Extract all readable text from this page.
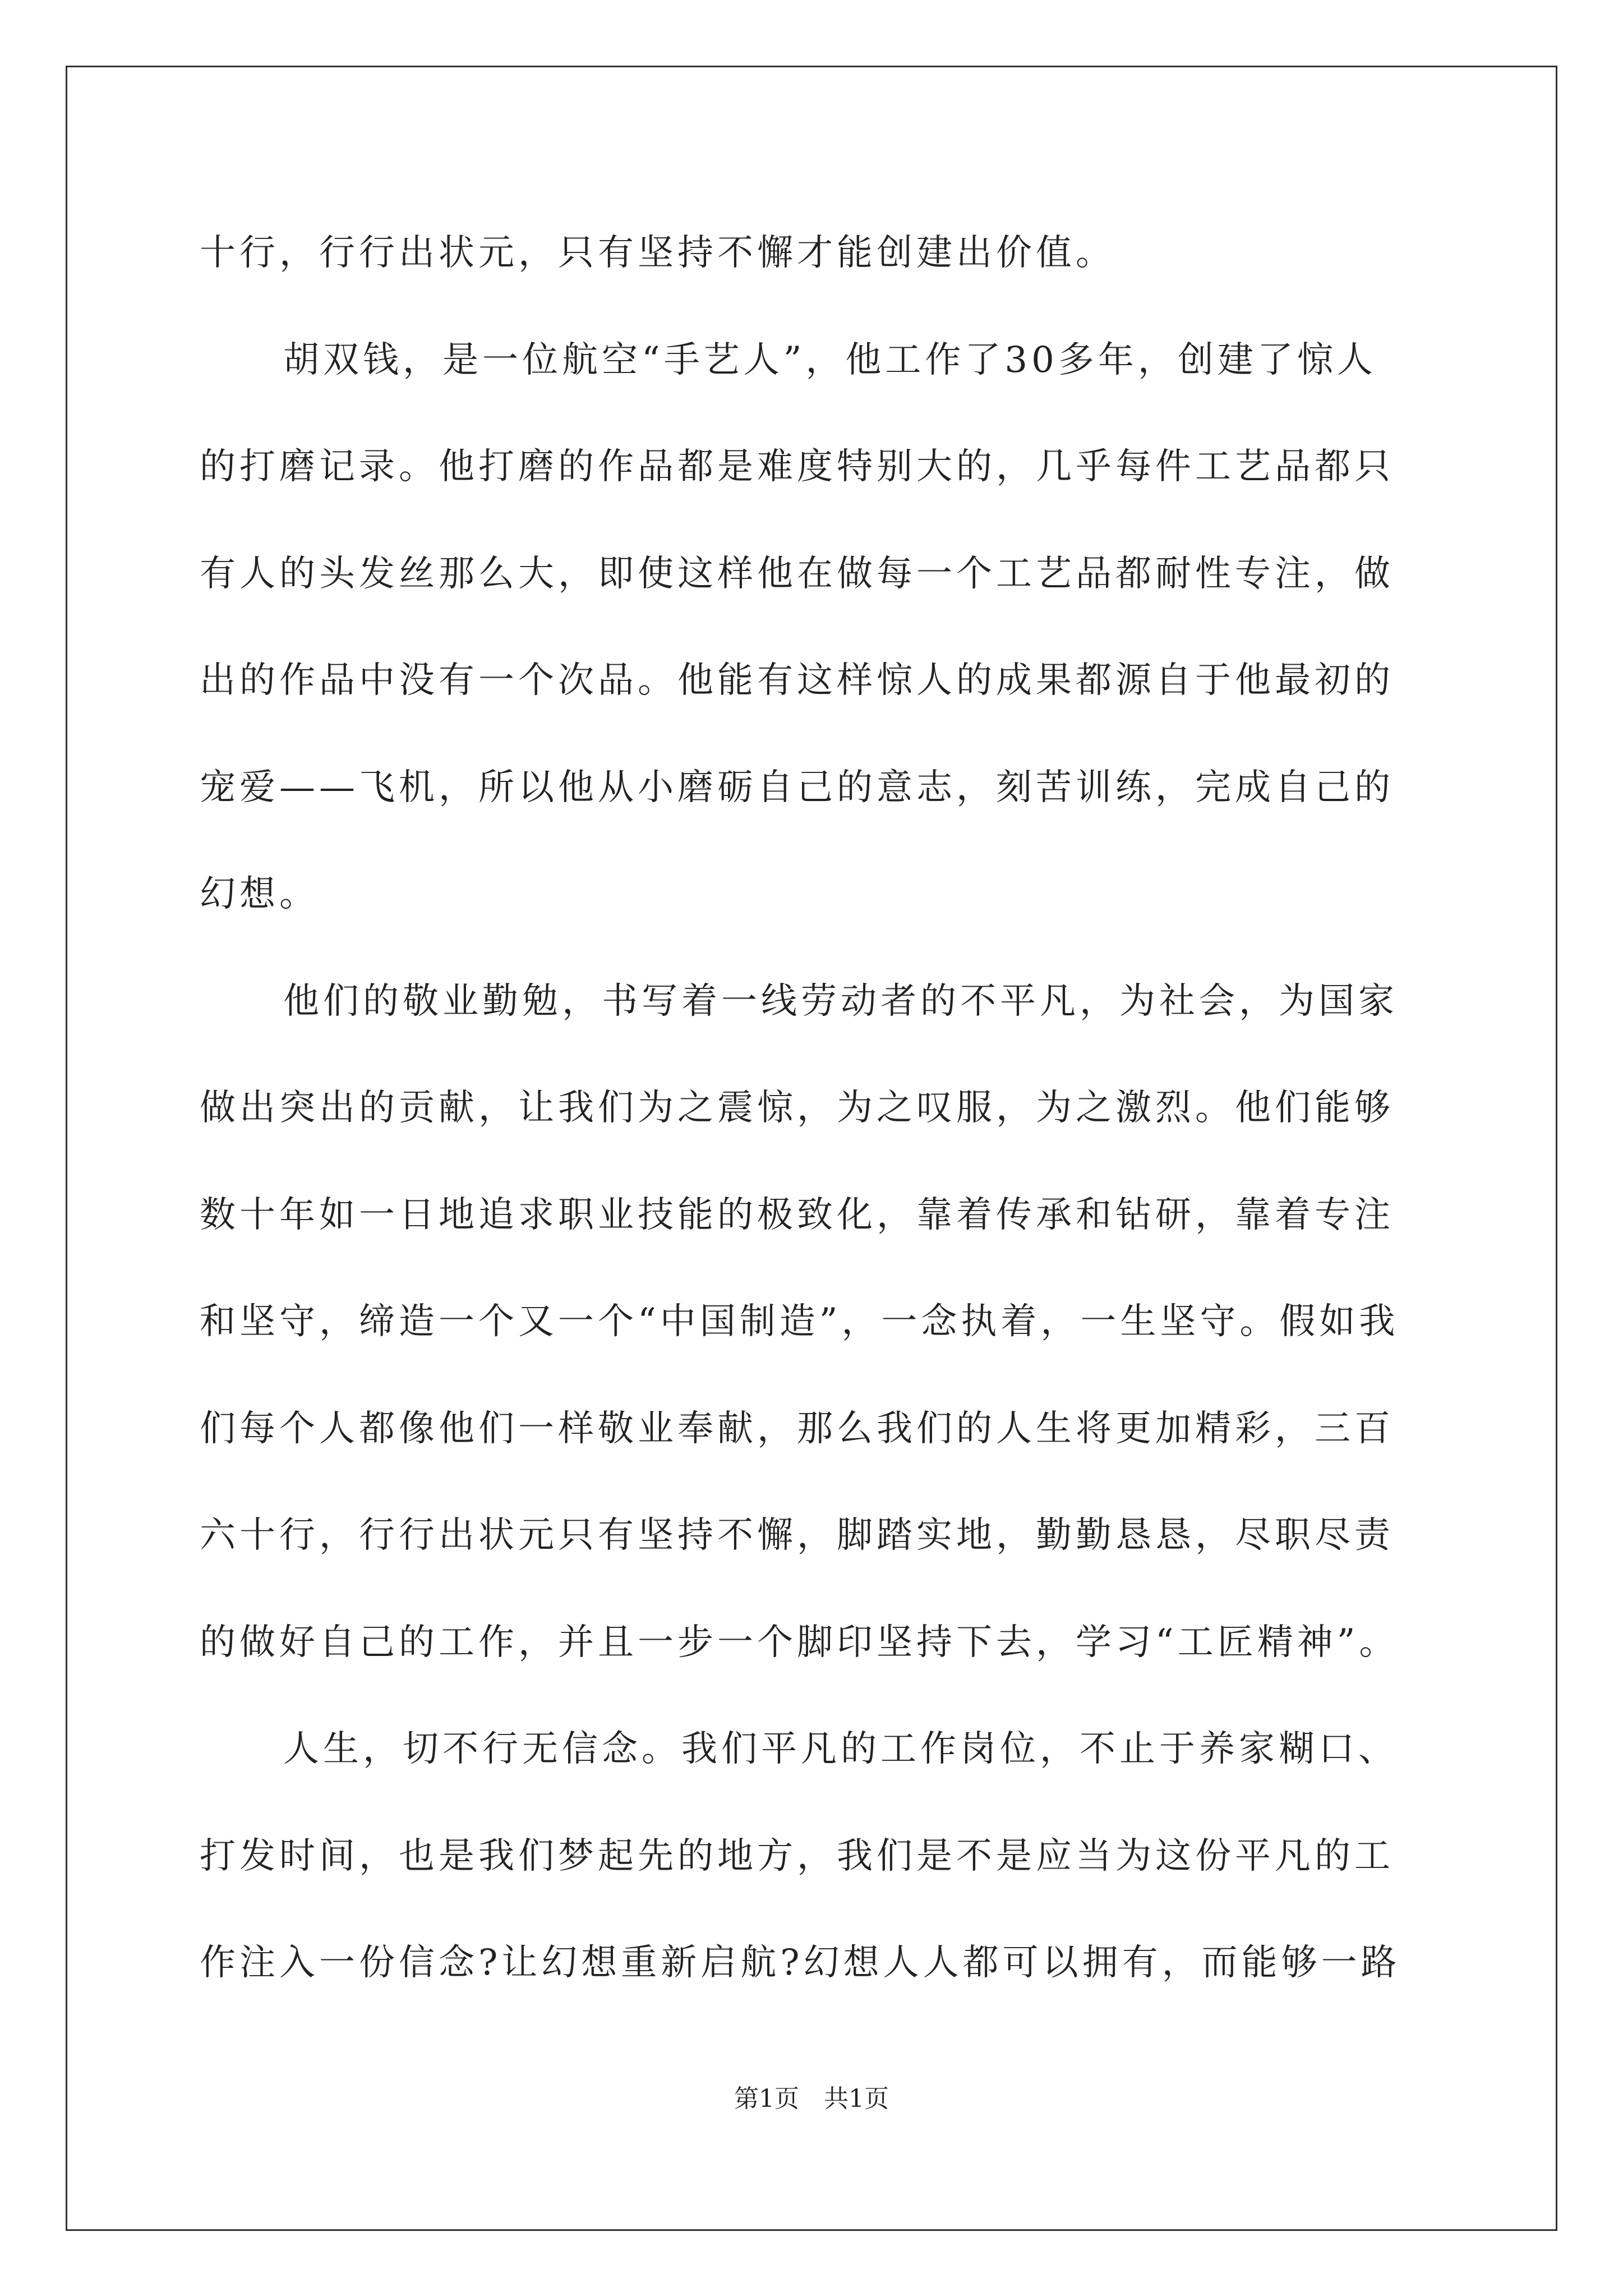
十行，行行出状元，只有坚持不懈才能创建出价值。
胡双钱，是一位航空“手艺人”，他工作了30多年，创建了惊人
的打磨记录。他打磨的作品都是难度特别大的，几乎每件工艺品都只
有人的头发丝那么大，即使这样他在做每一个工艺品都耐性专注，做
出的作品中没有一个次品。他能有这样惊人的成果都源自于他最初的
宠爱——飞机，所以他从小磨砺自己的意志，刻苦训练，完成自己的
幻想。
他们的敬业勤勉，书写着一线劳动者的不平凡，为社会，为国家
做出突出的贡献，让我们为之震惊，为之叹服，为之激烈。他们能够
数十年如一日地追求职业技能的极致化，靠着传承和钻研，靠着专注
和坚守，缔造一个又一个“中国制造”，一念执着，一生坚守。假如我
们每个人都像他们一样敬业奉献，那么我们的人生将更加精彩，三百
六十行，行行出状元只有坚持不懈，脚踏实地，勤勤恳恳，尽职尽责
的做好自己的工作，并且一步一个脚印坚持下去，学习“工匠精神”。
人生，切不行无信念。我们平凡的工作岗位，不止于养家糊口、
打发时间，也是我们梦起先的地方，我们是不是应当为这份平凡的工
作注入一份信念?让幻想重新启航?幻想人人都可以拥有，而能够一路
第1页　共1页
